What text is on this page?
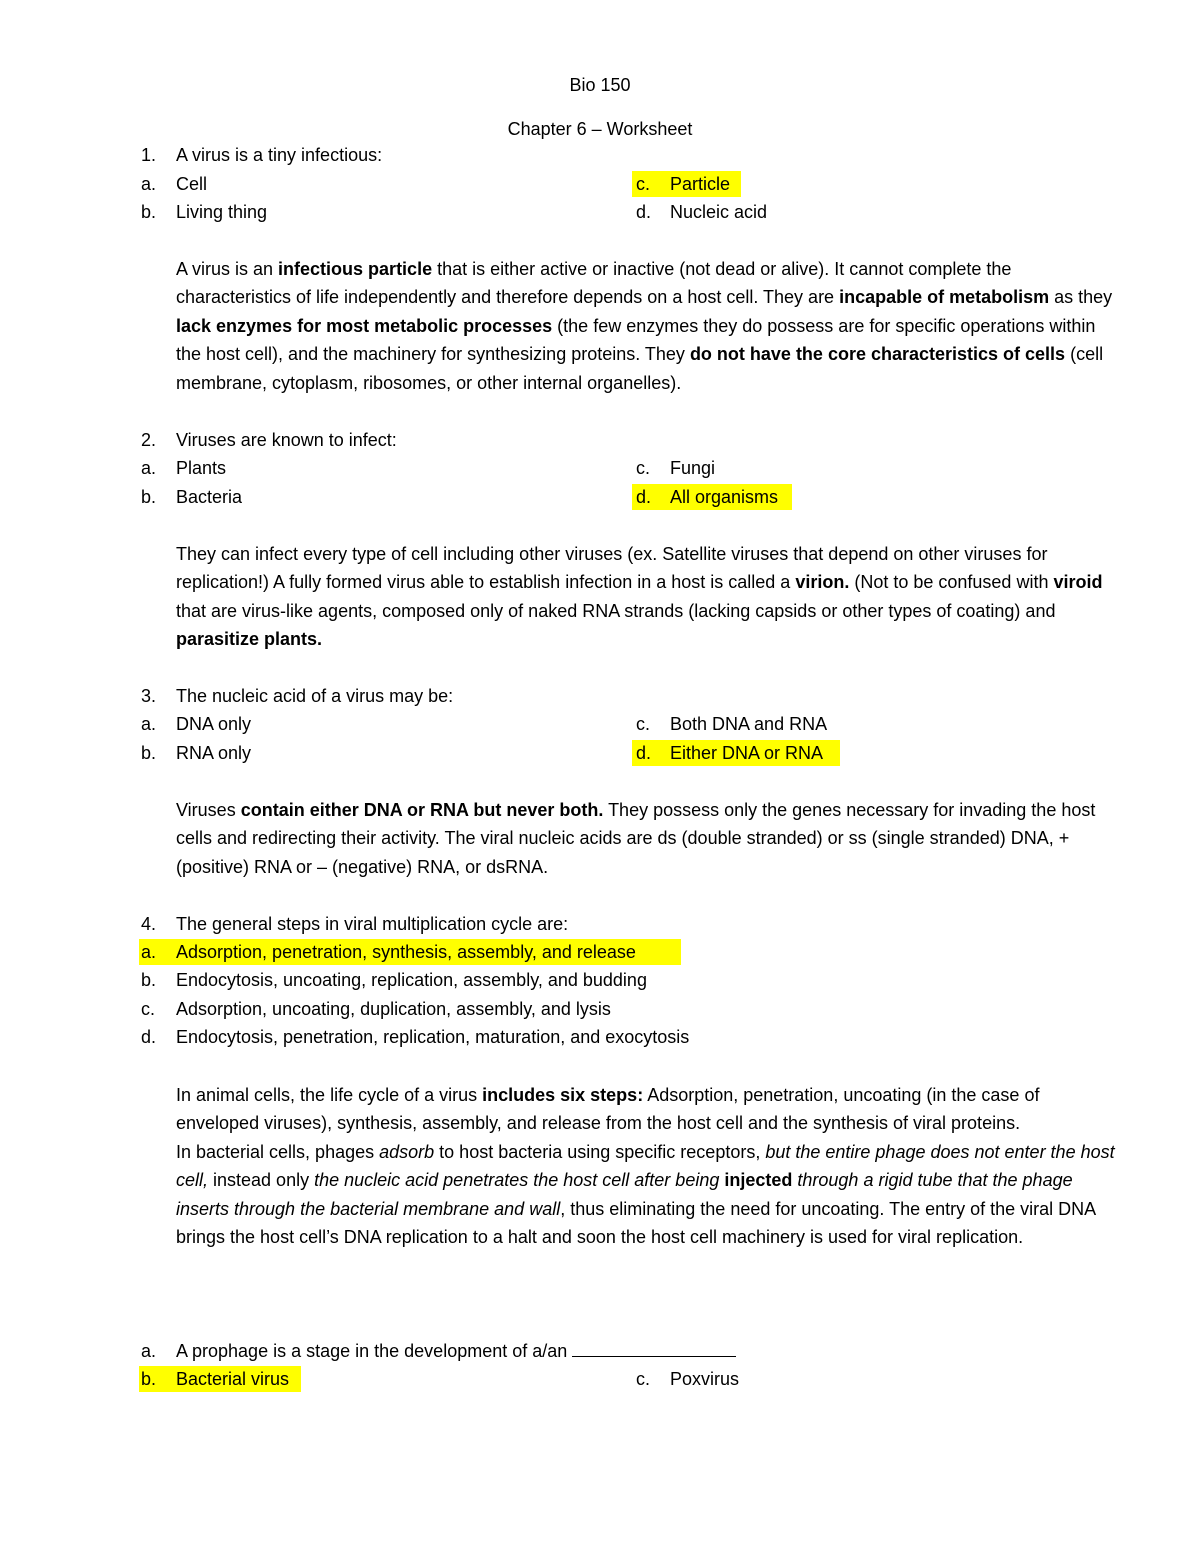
Bio 150
Chapter 6 – Worksheet
1. A virus is a tiny infectious:
a. Cell	c. Particle
b. Living thing	d. Nucleic acid

A virus is an infectious particle that is either active or inactive (not dead or alive). It cannot complete the characteristics of life independently and therefore depends on a host cell. They are incapable of metabolism as they lack enzymes for most metabolic processes (the few enzymes they do possess are for specific operations within the host cell), and the machinery for synthesizing proteins. They do not have the core characteristics of cells (cell membrane, cytoplasm, ribosomes, or other internal organelles).

2. Viruses are known to infect:
a. Plants	c. Fungi
b. Bacteria	d. All organisms

They can infect every type of cell including other viruses (ex. Satellite viruses that depend on other viruses for replication!) A fully formed virus able to establish infection in a host is called a virion. (Not to be confused with viroid that are virus-like agents, composed only of naked RNA strands (lacking capsids or other types of coating) and parasitize plants.

3. The nucleic acid of a virus may be:
a. DNA only	c. Both DNA and RNA
b. RNA only	d. Either DNA or RNA

Viruses contain either DNA or RNA but never both. They possess only the genes necessary for invading the host cells and redirecting their activity. The viral nucleic acids are ds (double stranded) or ss (single stranded) DNA, + (positive) RNA or – (negative) RNA, or dsRNA.

4. The general steps in viral multiplication cycle are:
a. Adsorption, penetration, synthesis, assembly, and release
b. Endocytosis, uncoating, replication, assembly, and budding
c. Adsorption, uncoating, duplication, assembly, and lysis
d. Endocytosis, penetration, replication, maturation, and exocytosis

In animal cells, the life cycle of a virus includes six steps: Adsorption, penetration, uncoating (in the case of enveloped viruses), synthesis, assembly, and release from the host cell and the synthesis of viral proteins.

In bacterial cells, phages adsorb to host bacteria using specific receptors, but the entire phage does not enter the host cell, instead only the nucleic acid penetrates the host cell after being injected through a rigid tube that the phage inserts through the bacterial membrane and wall, thus eliminating the need for uncoating. The entry of the viral DNA brings the host cell’s DNA replication to a halt and soon the host cell machinery is used for viral replication.

a. A prophage is a stage in the development of a/an
b. Bacterial virus	c. Poxvirus
